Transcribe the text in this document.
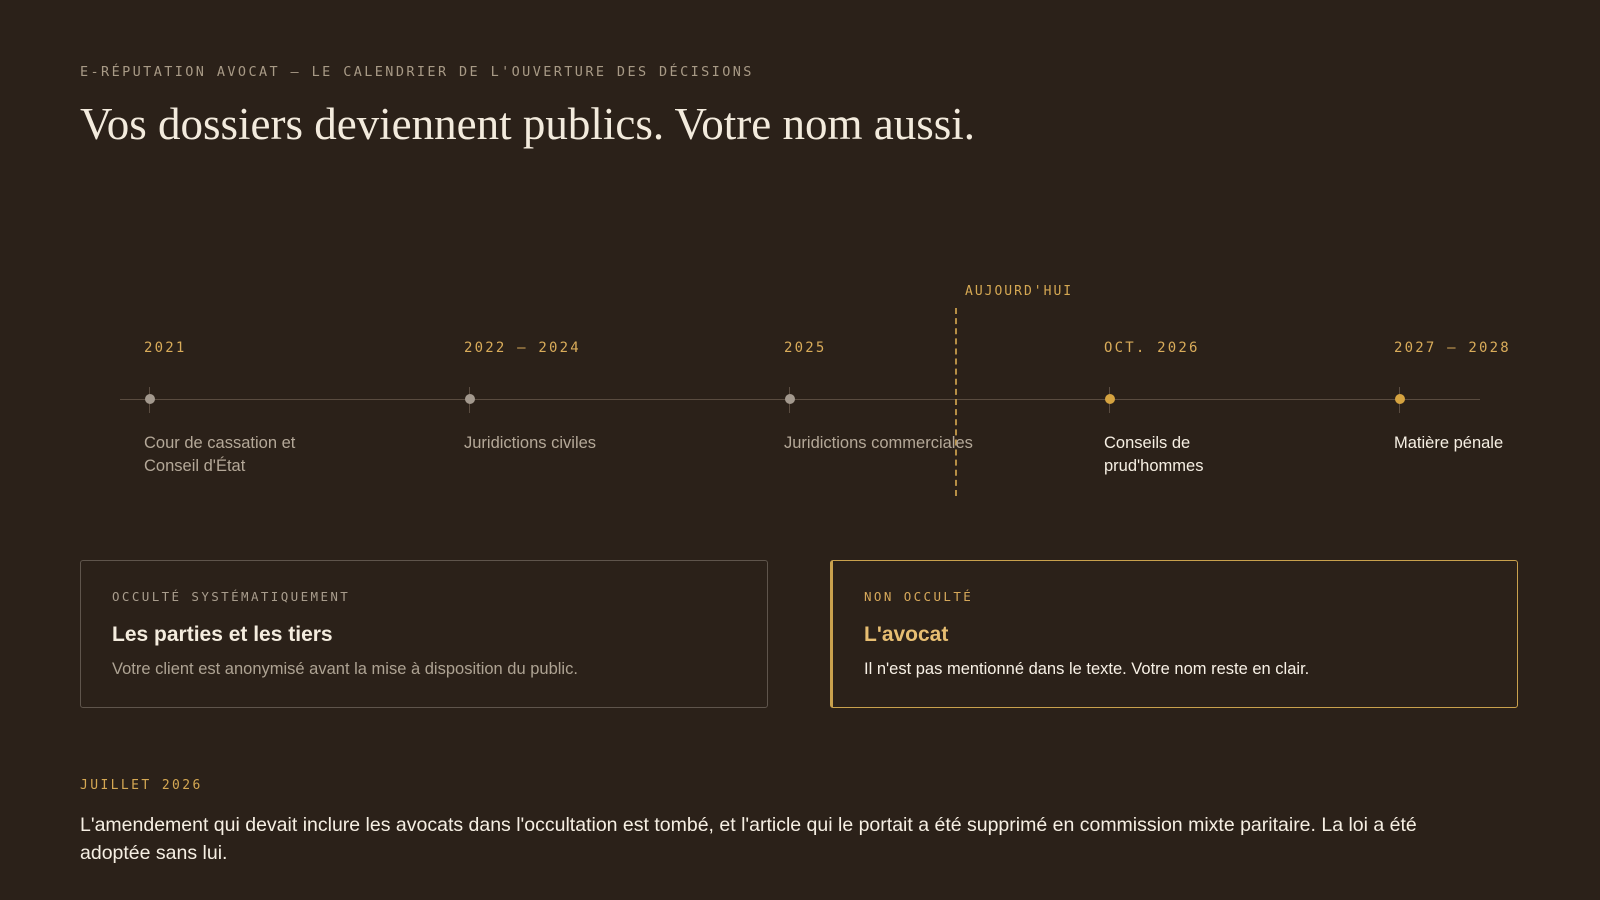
E-RÉPUTATION AVOCAT — LE CALENDRIER DE L'OUVERTURE DES DÉCISIONS
Vos dossiers deviennent publics. Votre nom aussi.
AUJOURD'HUI
2021
Cour de cassation et Conseil d'État
2022 – 2024
Juridictions civiles
2025
Juridictions commerciales
OCT. 2026
Conseils de prud'hommes
2027 – 2028
Matière pénale
OCCULTÉ SYSTÉMATIQUEMENT
Les parties et les tiers
Votre client est anonymisé avant la mise à disposition du public.
NON OCCULTÉ
L'avocat
Il n'est pas mentionné dans le texte. Votre nom reste en clair.
JUILLET 2026
L'amendement qui devait inclure les avocats dans l'occultation est tombé, et l'article qui le portait a été supprimé en commission mixte paritaire. La loi a été adoptée sans lui.
